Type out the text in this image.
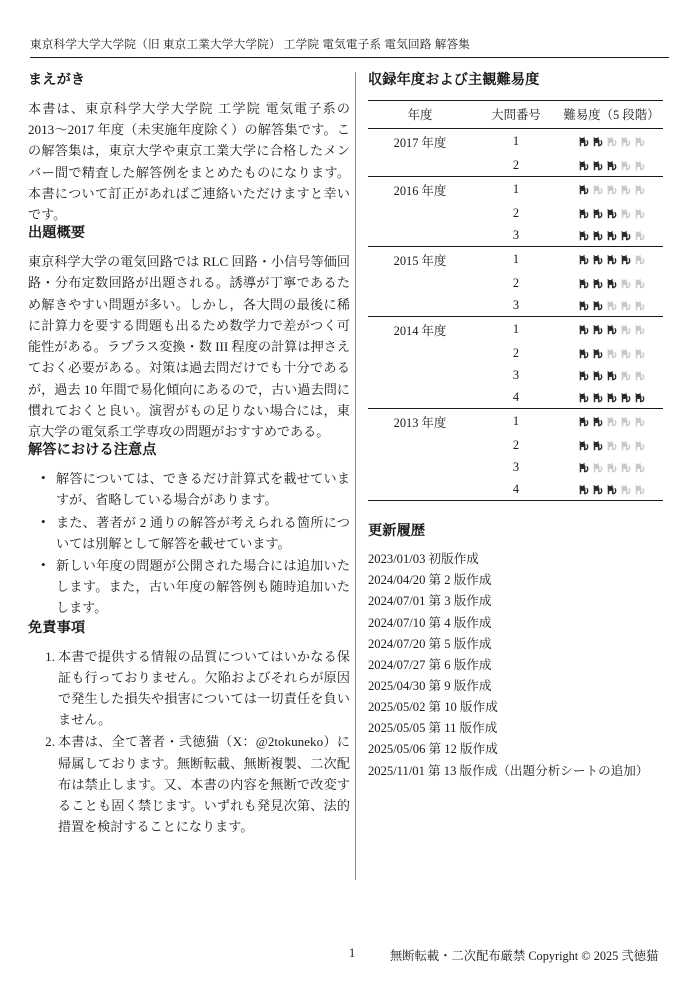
東京科学大学大学院（旧 東京工業大学大学院） 工学院 電気電子系 電気回路 解答集
まえがき

本書は、東京科学大学大学院 工学院 電気電子系の 2013〜2017 年度（未実施年度除く）の解答集です。この解答集は，東京大学や東京工業大学に合格したメンバー間で精査した解答例をまとめたものになります。本書について訂正があればご連絡いただけますと幸いです。

出題概要

東京科学大学の電気回路では RLC 回路・小信号等価回路・分布定数回路が出題される。誘導が丁寧であるため解きやすい問題が多い。しかし，各大問の最後に稀に計算力を要する問題も出るため数学力で差がつく可能性がある。ラプラス変換・数 III 程度の計算は押さえておく必要がある。対策は過去問だけでも十分であるが，過去 10 年間で易化傾向にあるので，古い過去問に慣れておくと良い。演習がもの足りない場合には，東京大学の電気系工学専攻の問題がおすすめである。

解答における注意点
• 解答については、できるだけ計算式を載せていますが、省略している場合があります。
• また、著者が 2 通りの解答が考えられる箇所については別解として解答を載せています。
• 新しい年度の問題が公開された場合には追加いたします。また，古い年度の解答例も随時追加いたします。
免責事項
本書で提供する情報の品質についてはいかなる保証も行っておりません。欠陥およびそれらが原因で発生した損失や損害については一切責任を負いません。
本書は、全て著者・弐徳猫（X：@2tokuneko）に帰属しております。無断転載、無断複製、二次配布は禁止します。又、本書の内容を無断で改変することも固く禁じます。いずれも発見次第、法的措置を検討することになります。
収録年度および主観難易度
年度	大問番号	難易度（5 段階）
2017 年度	1	
	2	
2016 年度	1	
	2	
	3	
2015 年度	1	
	2	
	3	
2014 年度	1	
	2	
	3	
	4	
2013 年度	1	
	2	
	3	
	4	
更新履歴
2023/01/03 初版作成
2024/04/20 第 2 版作成
2024/07/01 第 3 版作成
2024/07/10 第 4 版作成
2024/07/20 第 5 版作成
2024/07/27 第 6 版作成
2025/04/30 第 9 版作成
2025/05/02 第 10 版作成
2025/05/05 第 11 版作成
2025/05/06 第 12 版作成
2025/11/01 第 13 版作成（出題分析シートの追加）
1	無断転載・二次配布厳禁 Copyright © 2025 弐徳猫
